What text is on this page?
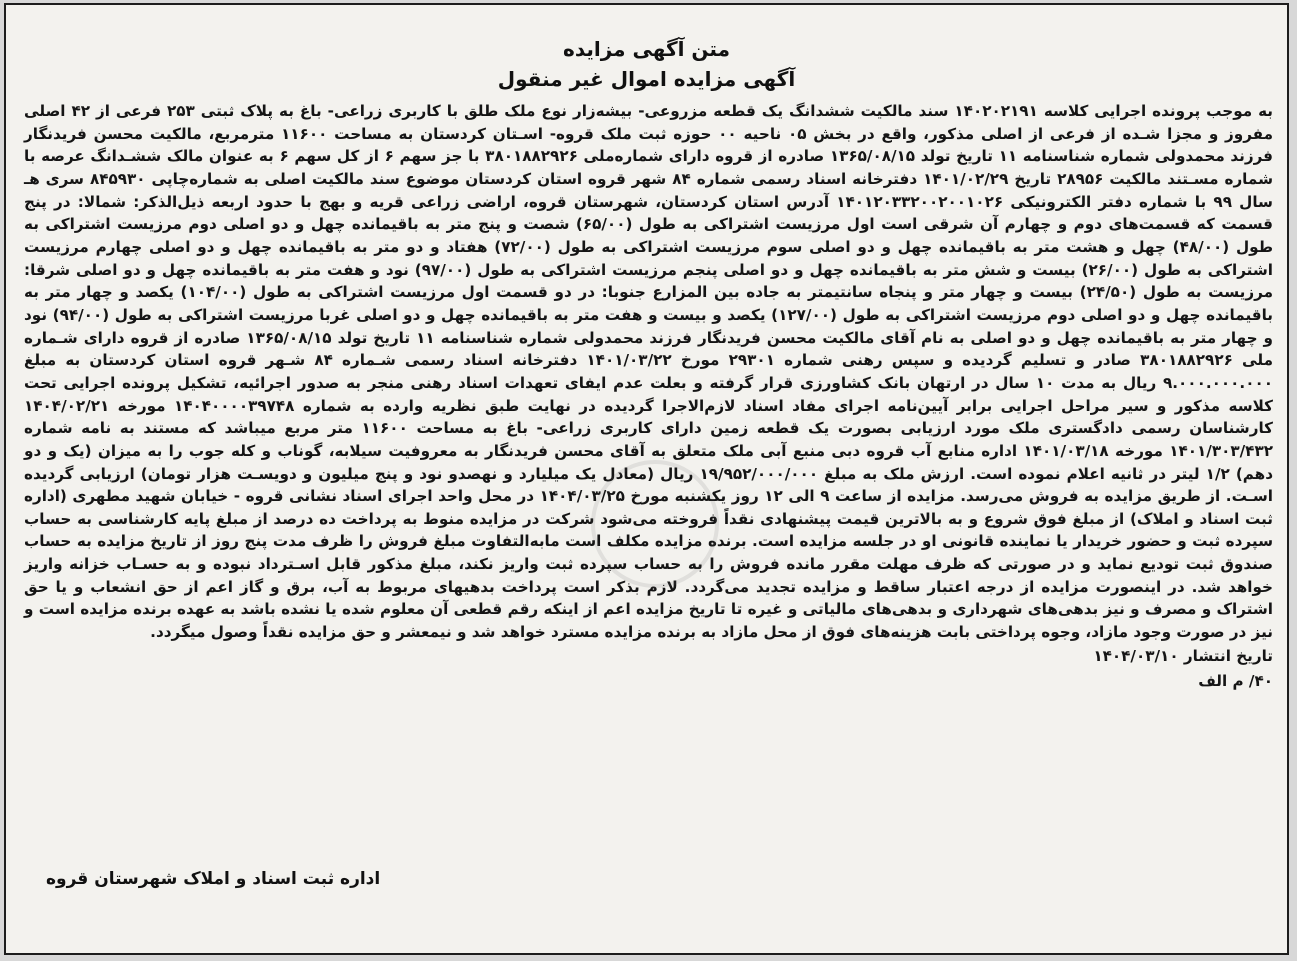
متن آگهی مزایده
آگهی مزایده اموال غیر منقول

به موجب پرونده اجرایی کلاسه ۱۴۰۲۰۲۱۹۱ سند مالکیت ششدانگ یک قطعه مزروعی- بیشه‌زار نوع ملک طلق با کاربری زراعی- باغ به پلاک ثبتی ۲۵۳ فرعی از ۴۲ اصلی مفروز و مجزا شـده از فرعی از اصلی مذکور، واقع در بخش ۰۵ ناحیه ۰۰ حوزه ثبت ملک قروه- اسـتان کردستان به مساحت ۱۱۶۰۰ مترمربع، مالکیت محسن فریدنگار فرزند محمدولی شماره شناسنامه ۱۱ تاریخ تولد ۱۳۶۵/۰۸/۱۵ صادره از قروه دارای شماره‌ملی ۳۸۰۱۸۸۲۹۲۶ با جز سهم ۶ از کل سهم ۶ به عنوان مالک ششـدانگ عرصه با شماره مسـتند مالکیت ۲۸۹۵۶ تاریخ ۱۴۰۱/۰۲/۲۹ دفترخانه اسناد رسمی شماره ۸۴ شهر قروه استان کردستان موضوع سند مالکیت اصلی به شماره‌چاپی ۸۴۵۹۳۰ سری هـ سال ۹۹ با شماره دفتر الکترونیکی ۱۴۰۱۲۰۳۳۲۰۰۲۰۰۱۰۲۶ آدرس استان کردستان، شهرستان قروه، اراضی زراعی قریه و بهج با حدود اربعه ذیل‌الذکر: شمالا: در پنج قسمت که قسمت‌های دوم و چهارم آن شرقی است اول مرزیست اشتراکی به طول (۶۵/۰۰) شصت و پنج متر به باقیمانده چهل و دو اصلی دوم مرزیست اشتراکی به طول (۴۸/۰۰) چهل و هشت متر به باقیمانده چهل و دو اصلی سوم مرزیست اشتراکی به طول (۷۲/۰۰) هفتاد و دو متر به باقیمانده چهل و دو اصلی چهارم مرزیست اشتراکی به طول (۲۶/۰۰) بیست و شش متر به باقیمانده چهل و دو اصلی پنجم مرزیست اشتراکی به طول (۹۷/۰۰) نود و هفت متر به باقیمانده چهل و دو اصلی شرقا: مرزیست به طول (۲۴/۵۰) بیست و چهار متر و پنجاه سانتیمتر به جاده بین المزارع جنوبا: در دو قسمت اول مرزیست اشتراکی به طول (۱۰۴/۰۰) یکصد و چهار متر به باقیمانده چهل و دو اصلی دوم مرزیست اشتراکی به طول (۱۲۷/۰۰) یکصد و بیست و هفت متر به باقیمانده چهل و دو اصلی غربا مرزیست اشتراکی به طول (۹۴/۰۰) نود و چهار متر به باقیمانده چهل و دو اصلی به نام آقای مالکیت محسن فریدنگار فرزند محمدولی شماره شناسنامه ۱۱ تاریخ تولد ۱۳۶۵/۰۸/۱۵ صادره از قروه دارای شـماره ملی ۳۸۰۱۸۸۲۹۲۶ صادر و تسلیم گردیده و سپس رهنی شماره ۲۹۳۰۱ مورخ ۱۴۰۱/۰۳/۲۲ دفترخانه اسناد رسمی شـماره ۸۴ شـهر قروه استان کردستان به مبلغ ۹.۰۰۰.۰۰۰.۰۰۰ ریال به مدت ۱۰ سال در ارتهان بانک کشاورزی قرار گرفته و بعلت عدم ایفای تعهدات اسناد رهنی منجر به صدور اجرائیه، تشکیل پرونده اجرایی تحت کلاسه مذکور و سیر مراحل اجرایی برابر آیین‌نامه اجرای مفاد اسناد لازم‌الاجرا گردیده در نهایت طبق نظریه وارده به شماره ۱۴۰۴۰۰۰۰۳۹۷۴۸ مورخه ۱۴۰۴/۰۲/۲۱ کارشناسان رسمی دادگستری ملک مورد ارزیابی بصورت یک قطعه زمین دارای کاربری زراعی- باغ به مساحت ۱۱۶۰۰ متر مربع میباشد که مستند به نامه شماره ۱۴۰۱/۳۰۳/۴۳۲ مورخه ۱۴۰۱/۰۳/۱۸ اداره منابع آب قروه دبی منبع آبی ملک متعلق به آقای محسن فریدنگار به معروفیت سیلابه، گوناب و کله جوب را به میزان (یک و دو دهم) ۱/۲ لیتر در ثانیه اعلام نموده است. ارزش ملک به مبلغ ۱۹/۹۵۲/۰۰۰/۰۰۰ ریال (معادل یک میلیارد و نهصدو نود و پنج میلیون و دویسـت هزار تومان) ارزیابی گردیده اسـت. از طریق مزایده به فروش می‌رسد. مزایده از ساعت ۹ الی ۱۲ روز یکشنبه مورخ ۱۴۰۴/۰۳/۲۵ در محل واحد اجرای اسناد نشانی قروه - خیابان شهید مطهری (اداره ثبت اسناد و املاک) از مبلغ فوق شروع و به بالاترین قیمت پیشنهادی نقداً فروخته می‌شود شرکت در مزایده منوط به پرداخت ده درصد از مبلغ پایه کارشناسی به حساب سپرده ثبت و حضور خریدار یا نماینده قانونی او در جلسه مزایده است. برنده مزایده مکلف است مابه‌التفاوت مبلغ فروش را ظرف مدت پنج روز از تاریخ مزایده به حساب صندوق ثبت تودیع نماید و در صورتی که ظرف مهلت مقرر مانده فروش را به حساب سپرده ثبت واریز نکند، مبلغ مذکور قابل اسـترداد نبوده و به حسـاب خزانه واریز خواهد شد. در اینصورت مزایده از درجه اعتبار ساقط و مزایده تجدید می‌گردد. لازم بذکر است پرداخت بدهیهای مربوط به آب، برق و گاز اعم از حق انشعاب و یا حق اشتراک و مصرف و نیز بدهی‌های شهرداری و بدهی‌های مالیاتی و غیره تا تاریخ مزایده اعم از اینکه رقم قطعی آن معلوم شده یا نشده باشد به عهده برنده مزایده است و نیز در صورت وجود مازاد، وجوه پرداختی بابت هزینه‌های فوق از محل مازاد به برنده مزایده مسترد خواهد شد و نیمعشر و حق مزایده نقداً وصول میگردد.

تاریخ انتشار ۱۴۰۴/۰۳/۱۰
۴۰/ م الف
اداره ثبت اسناد و املاک شهرستان قروه
